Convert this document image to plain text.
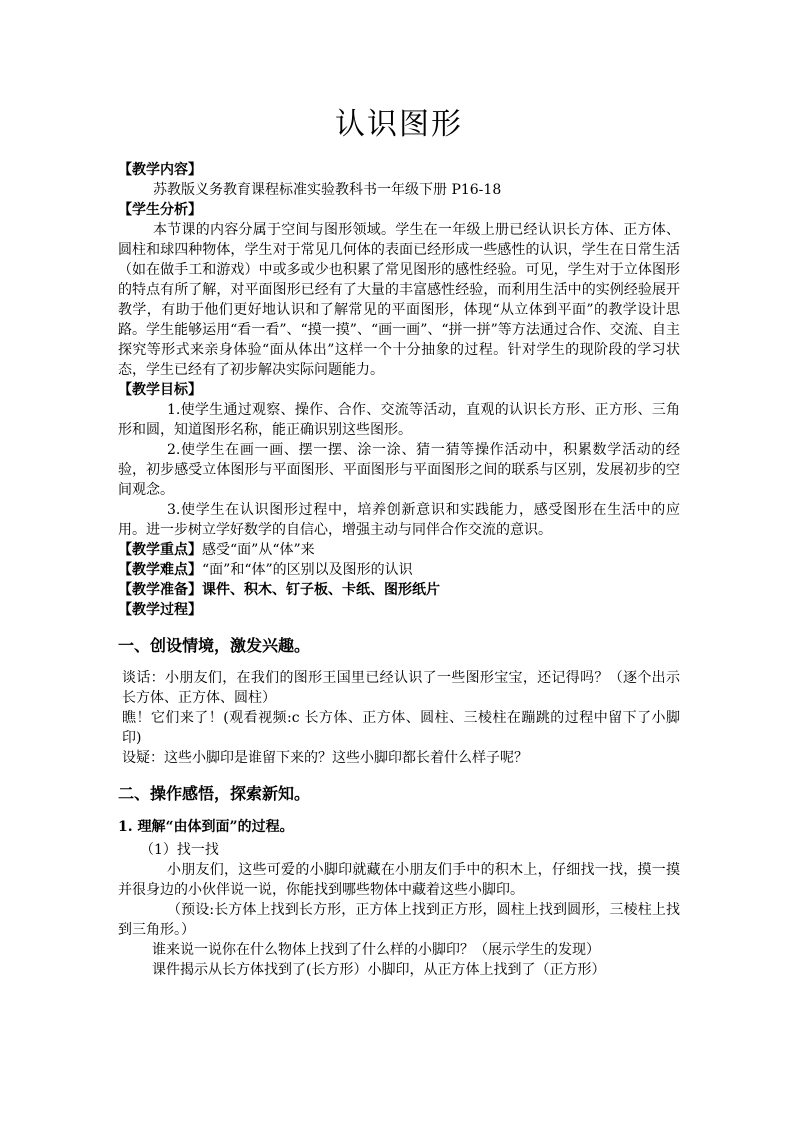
认识图形
【教学内容】

苏教版义务教育课程标准实验教科书一年级下册 P16-18

【学生分析】

本节课的内容分属于空间与图形领域。学生在一年级上册已经认识长方体、正方体、圆柱和球四种物体，学生对于常见几何体的表面已经形成一些感性的认识，学生在日常生活（如在做手工和游戏）中或多或少也积累了常见图形的感性经验。可见，学生对于立体图形的特点有所了解，对平面图形已经有了大量的丰富感性经验，而利用生活中的实例经验展开教学，有助于他们更好地认识和了解常见的平面图形，体现“从立体到平面”的教学设计思路。学生能够运用“看一看”、“摸一摸”、“画一画”、“拼一拼”等方法通过合作、交流、自主探究等形式来亲身体验“面从体出”这样一个十分抽象的过程。针对学生的现阶段的学习状态，学生已经有了初步解决实际问题能力。

【教学目标】

1.使学生通过观察、操作、合作、交流等活动，直观的认识长方形、正方形、三角形和圆，知道图形名称，能正确识别这些图形。

2.使学生在画一画、摆一摆、涂一涂、猜一猜等操作活动中，积累数学活动的经验，初步感受立体图形与平面图形、平面图形与平面图形之间的联系与区别，发展初步的空间观念。

3.使学生在认识图形过程中，培养创新意识和实践能力，感受图形在生活中的应用。进一步树立学好数学的自信心，增强主动与同伴合作交流的意识。

【教学重点】感受“面”从“体”来
【教学难点】“面”和“体”的区别以及图形的认识
【教学准备】课件、积木、钉子板、卡纸、图形纸片
【教学过程】
一、创设情境，激发兴趣。

谈话：小朋友们，在我们的图形王国里已经认识了一些图形宝宝，还记得吗？（逐个出示长方体、正方体、圆柱）

瞧！它们来了！(观看视频:c 长方体、正方体、圆柱、三棱柱在蹦跳的过程中留下了小脚印)

设疑：这些小脚印是谁留下来的？这些小脚印都长着什么样子呢？

二、操作感悟，探索新知。
1. 理解“由体到面”的过程。

（1）找一找

小朋友们，这些可爱的小脚印就藏在小朋友们手中的积木上，仔细找一找，摸一摸并很身边的小伙伴说一说，你能找到哪些物体中藏着这些小脚印。

（预设:长方体上找到长方形，正方体上找到正方形，圆柱上找到圆形，三棱柱上找到三角形。）

谁来说一说你在什么物体上找到了什么样的小脚印？（展示学生的发现）

课件揭示从长方体找到了(长方形）小脚印，从正方体上找到了（正方形）
